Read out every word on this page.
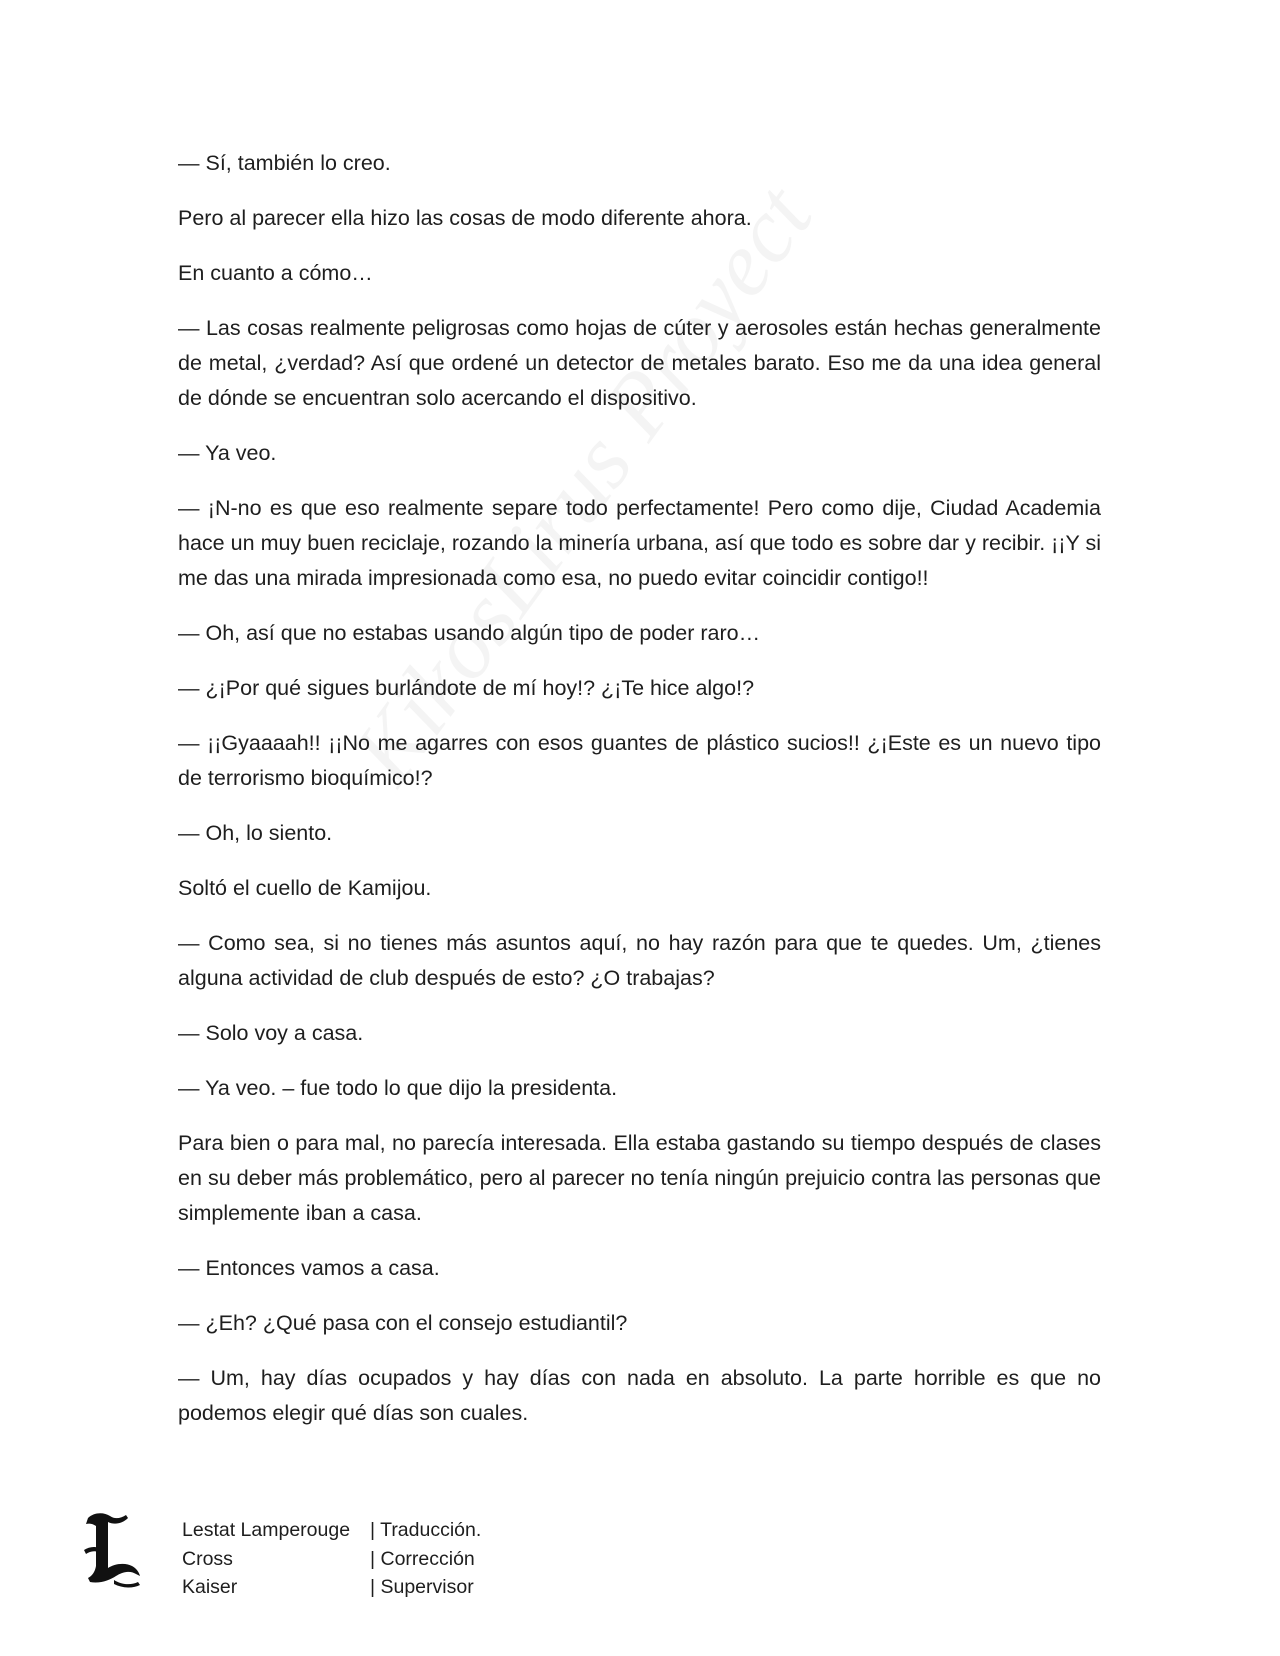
— Sí, también lo creo.

Pero al parecer ella hizo las cosas de modo diferente ahora.

En cuanto a cómo…

— Las cosas realmente peligrosas como hojas de cúter y aerosoles están hechas generalmente de metal, ¿verdad? Así que ordené un detector de metales barato. Eso me da una idea general de dónde se encuentran solo acercando el dispositivo.

— Ya veo.

— ¡N-no es que eso realmente separe todo perfectamente! Pero como dije, Ciudad Academia hace un muy buen reciclaje, rozando la minería urbana, así que todo es sobre dar y recibir. ¡¡Y si me das una mirada impresionada como esa, no puedo evitar coincidir contigo!!

— Oh, así que no estabas usando algún tipo de poder raro…

— ¿¡Por qué sigues burlándote de mí hoy!? ¿¡Te hice algo!?

— ¡¡Gyaaaah!! ¡¡No me agarres con esos guantes de plástico sucios!! ¿¡Este es un nuevo tipo de terrorismo bioquímico!?

— Oh, lo siento.

Soltó el cuello de Kamijou.

— Como sea, si no tienes más asuntos aquí, no hay razón para que te quedes. Um, ¿tienes alguna actividad de club después de esto? ¿O trabajas?

— Solo voy a casa.

— Ya veo. – fue todo lo que dijo la presidenta.

Para bien o para mal, no parecía interesada. Ella estaba gastando su tiempo después de clases en su deber más problemático, pero al parecer no tenía ningún prejuicio contra las personas que simplemente iban a casa.

— Entonces vamos a casa.

— ¿Eh? ¿Qué pasa con el consejo estudiantil?

— Um, hay días ocupados y hay días con nada en absoluto. La parte horrible es que no podemos elegir qué días son cuales.

Lestat Lamperouge	| Traducción.
Cross	| Corrección
Kaiser	| Supervisor
